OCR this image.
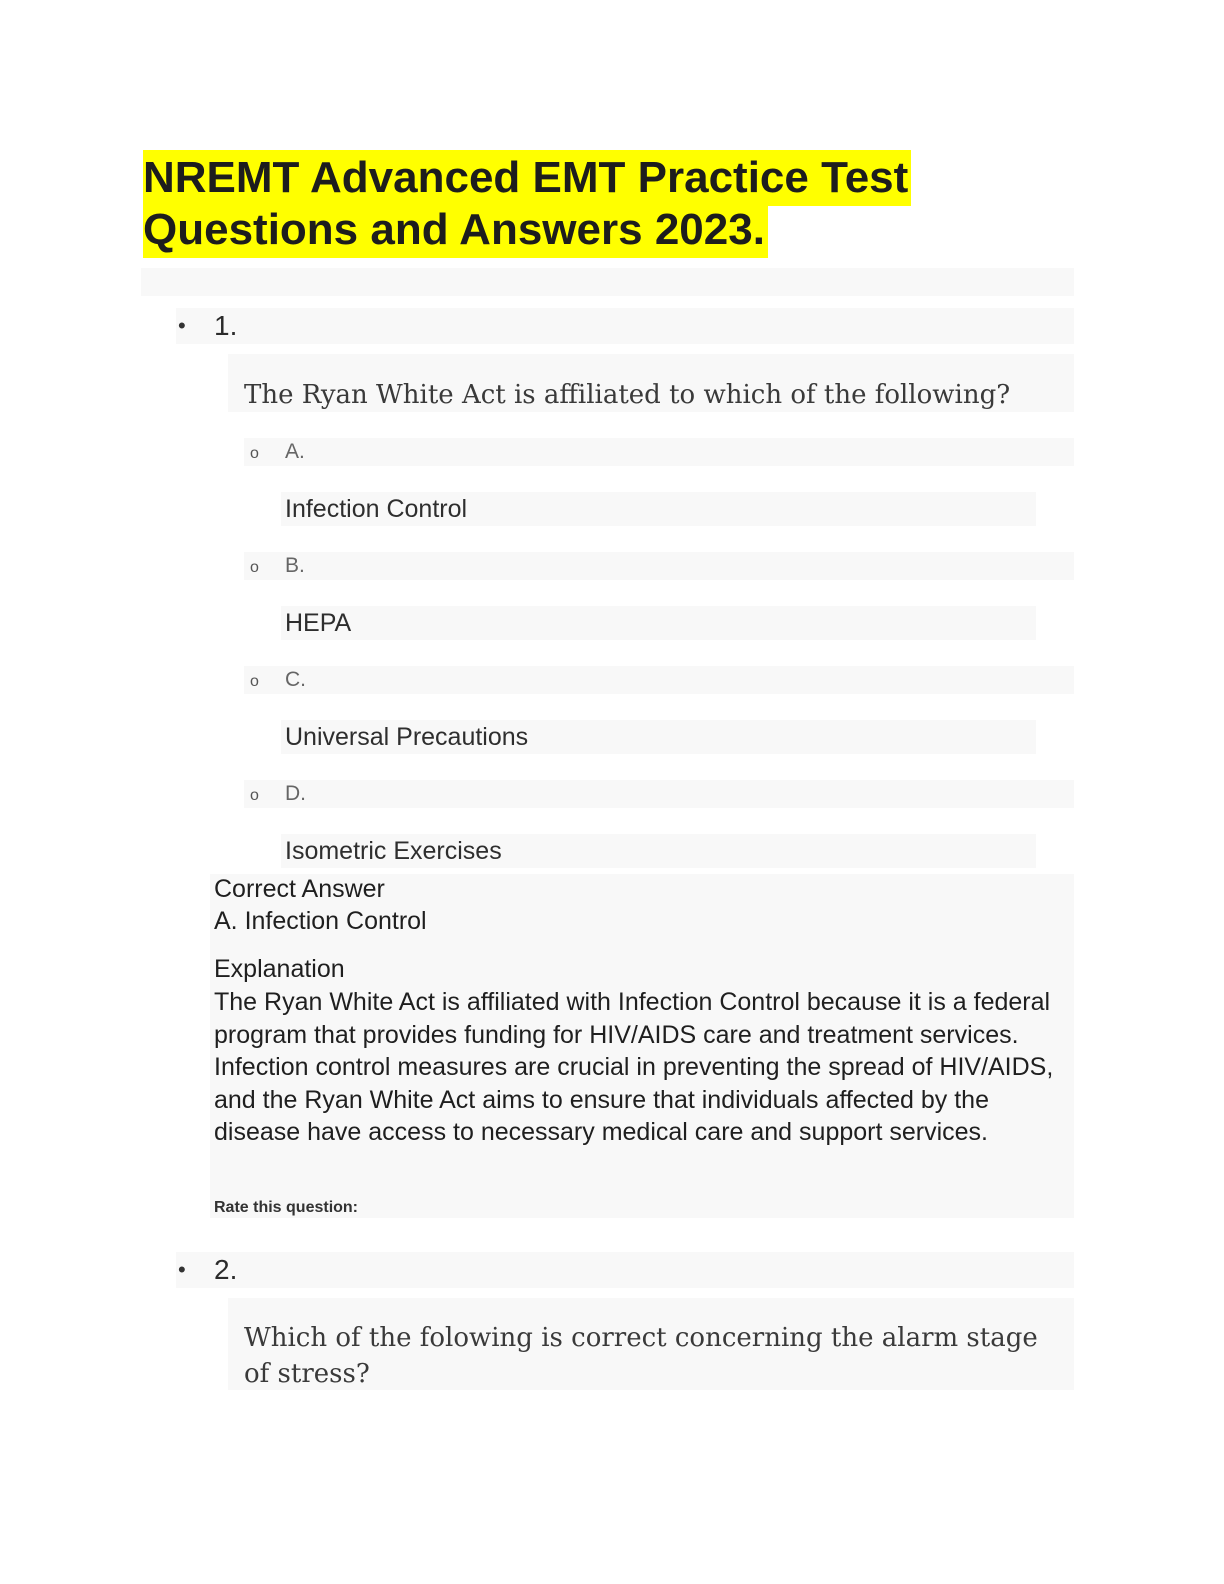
NREMT Advanced EMT Practice Test
Questions and Answers 2023.
• 1.
The Ryan White Act is affiliated to which of the following?
o A.
Infection Control
o B.
HEPA
o C.
Universal Precautions
o D.
Isometric Exercises
Correct Answer
A. Infection Control
Explanation
The Ryan White Act is affiliated with Infection Control because it is a federal program that provides funding for HIV/AIDS care and treatment services. Infection control measures are crucial in preventing the spread of HIV/AIDS, and the Ryan White Act aims to ensure that individuals affected by the disease have access to necessary medical care and support services.
Rate this question:
• 2.
Which of the folowing is correct concerning the alarm stage of stress?
